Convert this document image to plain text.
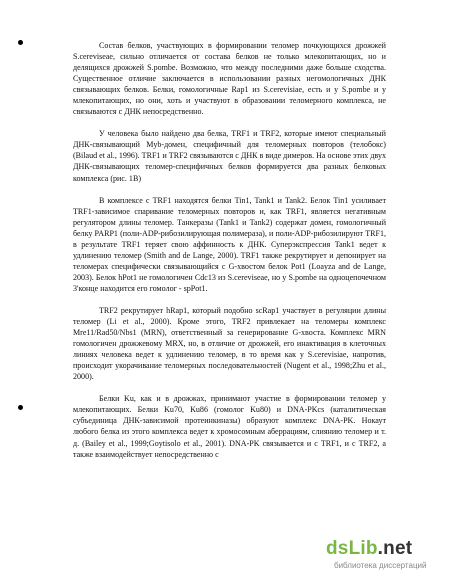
Состав белков, участвующих в формировании теломер почкующихся дрожжей S.cerevisеae, сильно отличается от состава белков не только млекопитающих, но и делящихся дрожжей S.pombe. Возможно, что между последними даже больше сходства. Существенное отличие заключается в использовании разных негомологичных ДНК связывающих белков. Белки, гомологичные Rap1 из S.cerevisiae, есть и у S.pombe и у млекопитающих, но они, хоть и участвуют в образовании теломерного комплекса, не связываются с ДНК непосредственно.

У человека было найдено два белка, TRF1 и TRF2, которые имеют специальный ДНК-связывающий Myb-домен, специфичный для теломерных повторов (телобокс) (Bilaud et al., 1996). TRF1 и TRF2 связываются с ДНК в виде димеров. На основе этих двух ДНК-связывающих теломер-специфичных белков формируется два разных белковых комплекса (рис. 1В)

В комплексе с TRF1 находятся белки Tin1, Tank1 и Tank2. Белок Tin1 усиливает TRF1-зависимое спаривание теломерных повторов и, как TRF1, является негативным регулятором длины теломер. Танкеразы (Tank1 и Tank2) содержат домен, гомологичный белку PARP1 (поли-ADP-рибозилирующая полимераза), и поли-ADP-рибозилируют TRF1, в результате TRF1 теряет свою аффинность к ДНК. Суперэкспрессия Tank1 ведет к удлинению теломер (Smith and de Lange, 2000). TRF1 также рекрутирует и депонирует на теломерах специфически связывающийся с G-хвостом белок Pot1 (Loayza and de Lange, 2003). Белок hPot1 не гомологичен Cdc13 из S.cerevisеae, но у S.pombe на одноцепочечном 3'конце находится его гомолог - spPot1.

TRF2 рекрутирует hRap1, который подобно scRap1 участвует в регуляции длины теломер (Li et al., 2000). Кроме этого, TRF2 привлекает на теломеры комплекс Mre11/Rad50/Nbs1 (MRN), ответственный за генерирование G-хвоста. Комплекс MRN гомологичен дрожжевому MRX, но, в отличие от дрожжей, его инактивация в клеточных линиях человека ведет к удлинению теломер, в то время как у S.cerevisiae, напротив, происходит укорачивание теломерных последовательностей (Nugent et al., 1998;Zhu et al., 2000).

Белки Ku, как и в дрожжах, принимают участие в формировании теломер у млекопитающих. Белки Ku70, Ku86 (гомолог Ku80) и DNA-PKcs (каталитическая субъединица ДНК-зависимой протеинкиназы) образуют комплекс DNA-PK. Нокаут любого белка из этого комплекса ведет к хромосомным аберрациям, слиянию теломер и т. д. (Bailey et al., 1999;Goytisolo et al., 2001). DNA-PK связывается и с TRF1, и с TRF2, а также взаимодействует непосредственно с

dsLib.net
библиотека диссертаций
